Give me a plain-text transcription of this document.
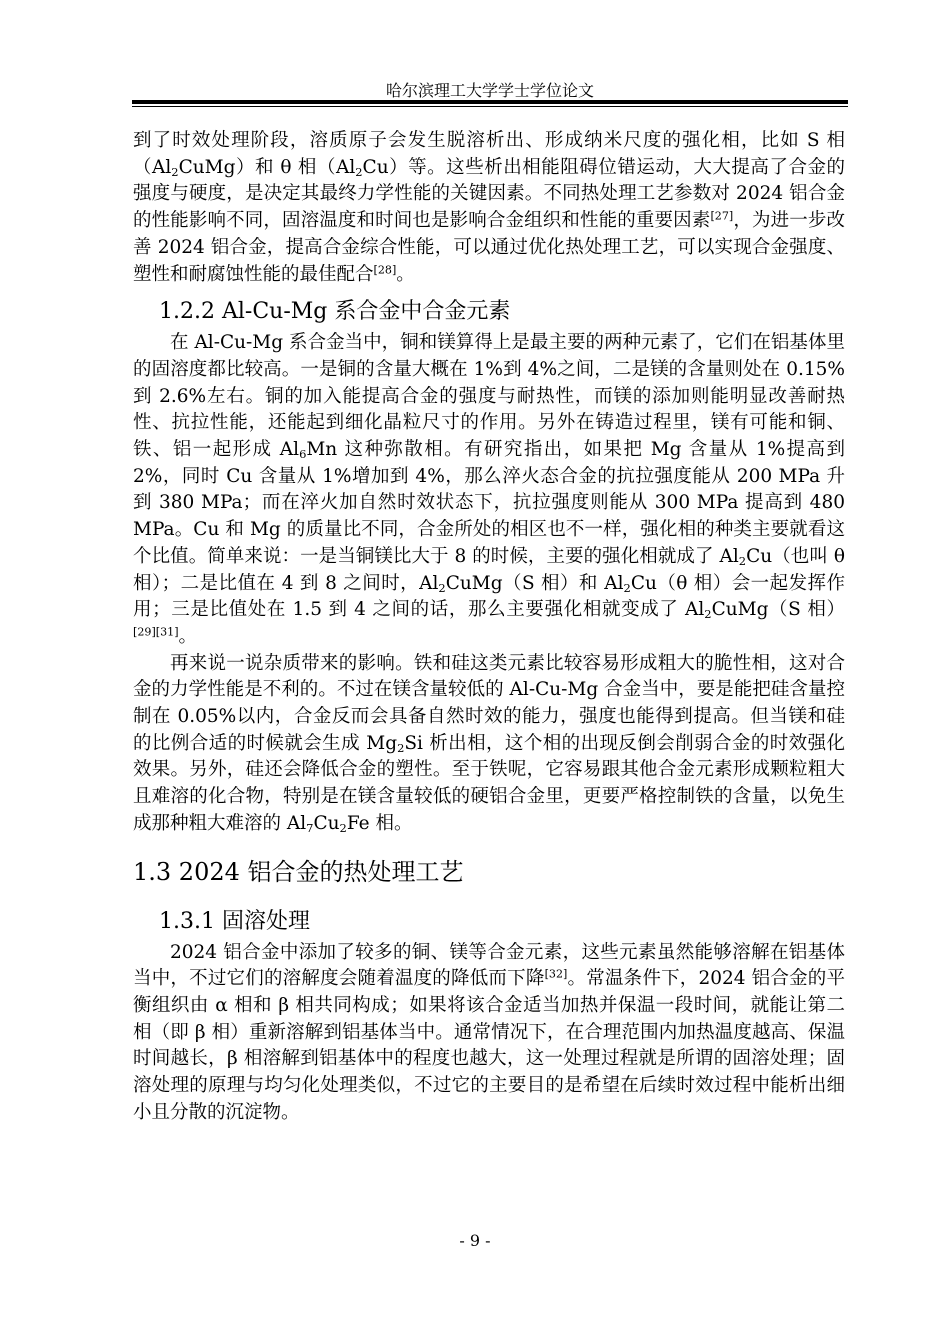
哈尔滨理工大学学士学位论文

到了时效处理阶段，溶质原子会发生脱溶析出、形成纳米尺度的强化相，比如 S 相$(Al_2CuMg)$和 θ 相$(Al_2Cu)$等。这些析出相能阻碍位错运动，大大提高了合金的强度与硬度，是决定其最终力学性能的关键因素。不同热处理工艺参数对 2024 铝合金的性能影响不同，固溶温度和时间也是影响合金组织和性能的重要因素[27]，为进一步改善 2024 铝合金，提高合金综合性能，可以通过优化热处理工艺，可以实现合金强度、塑性和耐腐蚀性能的最佳配合[28]。

1.2.2 Al-Cu-Mg 系合金中合金元素

在 Al-Cu-Mg 系合金当中，铜和镁算得上是最主要的两种元素了，它们在铝基体里的固溶度都比较高。一是铜的含量大概在 1%到 4%之间，二是镁的含量则处在 0.15%到 2.6%左右。铜的加入能提高合金的强度与耐热性，而镁的添加则能明显改善耐热性、抗拉性能，还能起到细化晶粒尺寸的作用。另外在铸造过程里，镁有可能和铜、铁、铝一起形成 $Al_6Mn$ 这种弥散相。有研究指出，如果把 Mg 含量从 1%提高到 2%，同时 Cu 含量从 1%增加到 4%，那么淬火态合金的抗拉强度能从 200 MPa 升到 380 MPa；而在淬火加自然时效状态下，抗拉强度则能从 300 MPa 提高到 480 MPa。Cu 和 Mg 的质量比不同，合金所处的相区也不一样，强化相的种类主要就看这个比值。简单来说：一是当铜镁比大于 8 的时候，主要的强化相就成了 $Al_2Cu$（也叫 θ 相）；二是比值在 4 到 8 之间时，$Al_2CuMg(S$ 相）和 $Al_2Cu(\theta$ 相）会一起发挥作用；三是比值处在 1.5 到 4 之间的话，那么主要强化相就变成了 $Al_2CuMg(S$ 相）[29][31]。

再来说一说杂质带来的影响。铁和硅这类元素比较容易形成粗大的脆性相，这对合金的力学性能是不利的。不过在镁含量较低的 Al-Cu-Mg 合金当中，要是能把硅含量控制在 0.05%以内，合金反而会具备自然时效的能力，强度也能得到提高。但当镁和硅的比例合适的时候就会生成 $Mg_2Si$ 析出相，这个相的出现反倒会削弱合金的时效强化效果。另外，硅还会降低合金的塑性。至于铁呢，它容易跟其他合金元素形成颗粒粗大且难溶的化合物，特别是在镁含量较低的硬铝合金里，更要严格控制铁的含量，以免生成那种粗大难溶的 $Al_7Cu_2Fe$ 相。

1.3 2024 铝合金的热处理工艺
1.3.1 固溶处理

2024 铝合金中添加了较多的铜、镁等合金元素，这些元素虽然能够溶解在铝基体当中，不过它们的溶解度会随着温度的降低而下降[32]。常温条件下，2024 铝合金的平衡组织由 α 相和 β 相共同构成；如果将该合金适当加热并保温一段时间，就能让第二相（即 β 相）重新溶解到铝基体当中。通常情况下，在合理范围内加热温度越高、保温时间越长，β 相溶解到铝基体中的程度也越大，这一处理过程就是所谓的固溶处理；固溶处理的原理与均匀化处理类似，不过它的主要目的是希望在后续时效过程中能析出细小且分散的沉淀物。

- 9 -
